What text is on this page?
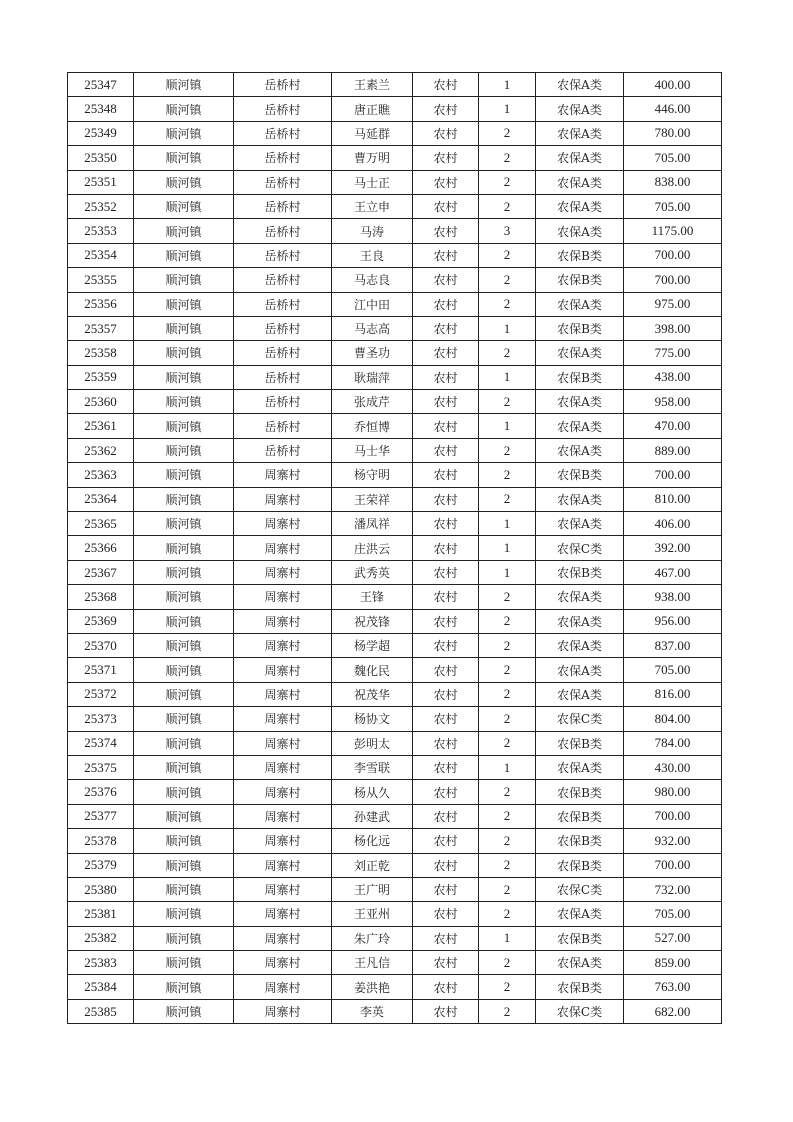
25347	顺河镇	岳桥村	王素兰	农村	1	农保A类	400.00
25348	顺河镇	岳桥村	唐正瞧	农村	1	农保A类	446.00
25349	顺河镇	岳桥村	马延群	农村	2	农保A类	780.00
25350	顺河镇	岳桥村	曹万明	农村	2	农保A类	705.00
25351	顺河镇	岳桥村	马士正	农村	2	农保A类	838.00
25352	顺河镇	岳桥村	王立申	农村	2	农保A类	705.00
25353	顺河镇	岳桥村	马涛	农村	3	农保A类	1175.00
25354	顺河镇	岳桥村	王良	农村	2	农保B类	700.00
25355	顺河镇	岳桥村	马志良	农村	2	农保B类	700.00
25356	顺河镇	岳桥村	江中田	农村	2	农保A类	975.00
25357	顺河镇	岳桥村	马志高	农村	1	农保B类	398.00
25358	顺河镇	岳桥村	曹圣功	农村	2	农保A类	775.00
25359	顺河镇	岳桥村	耿瑞萍	农村	1	农保B类	438.00
25360	顺河镇	岳桥村	张成芹	农村	2	农保A类	958.00
25361	顺河镇	岳桥村	乔恒博	农村	1	农保A类	470.00
25362	顺河镇	岳桥村	马士华	农村	2	农保A类	889.00
25363	顺河镇	周寨村	杨守明	农村	2	农保B类	700.00
25364	顺河镇	周寨村	王荣祥	农村	2	农保A类	810.00
25365	顺河镇	周寨村	潘凤祥	农村	1	农保A类	406.00
25366	顺河镇	周寨村	庄洪云	农村	1	农保C类	392.00
25367	顺河镇	周寨村	武秀英	农村	1	农保B类	467.00
25368	顺河镇	周寨村	王锋	农村	2	农保A类	938.00
25369	顺河镇	周寨村	祝茂锋	农村	2	农保A类	956.00
25370	顺河镇	周寨村	杨学超	农村	2	农保A类	837.00
25371	顺河镇	周寨村	魏化民	农村	2	农保A类	705.00
25372	顺河镇	周寨村	祝茂华	农村	2	农保A类	816.00
25373	顺河镇	周寨村	杨协文	农村	2	农保C类	804.00
25374	顺河镇	周寨村	彭明太	农村	2	农保B类	784.00
25375	顺河镇	周寨村	李雪联	农村	1	农保A类	430.00
25376	顺河镇	周寨村	杨从久	农村	2	农保B类	980.00
25377	顺河镇	周寨村	孙建武	农村	2	农保B类	700.00
25378	顺河镇	周寨村	杨化远	农村	2	农保B类	932.00
25379	顺河镇	周寨村	刘正乾	农村	2	农保B类	700.00
25380	顺河镇	周寨村	王广明	农村	2	农保C类	732.00
25381	顺河镇	周寨村	王亚州	农村	2	农保A类	705.00
25382	顺河镇	周寨村	朱广玲	农村	1	农保B类	527.00
25383	顺河镇	周寨村	王凡信	农村	2	农保A类	859.00
25384	顺河镇	周寨村	姜洪艳	农村	2	农保B类	763.00
25385	顺河镇	周寨村	李英	农村	2	农保C类	682.00
